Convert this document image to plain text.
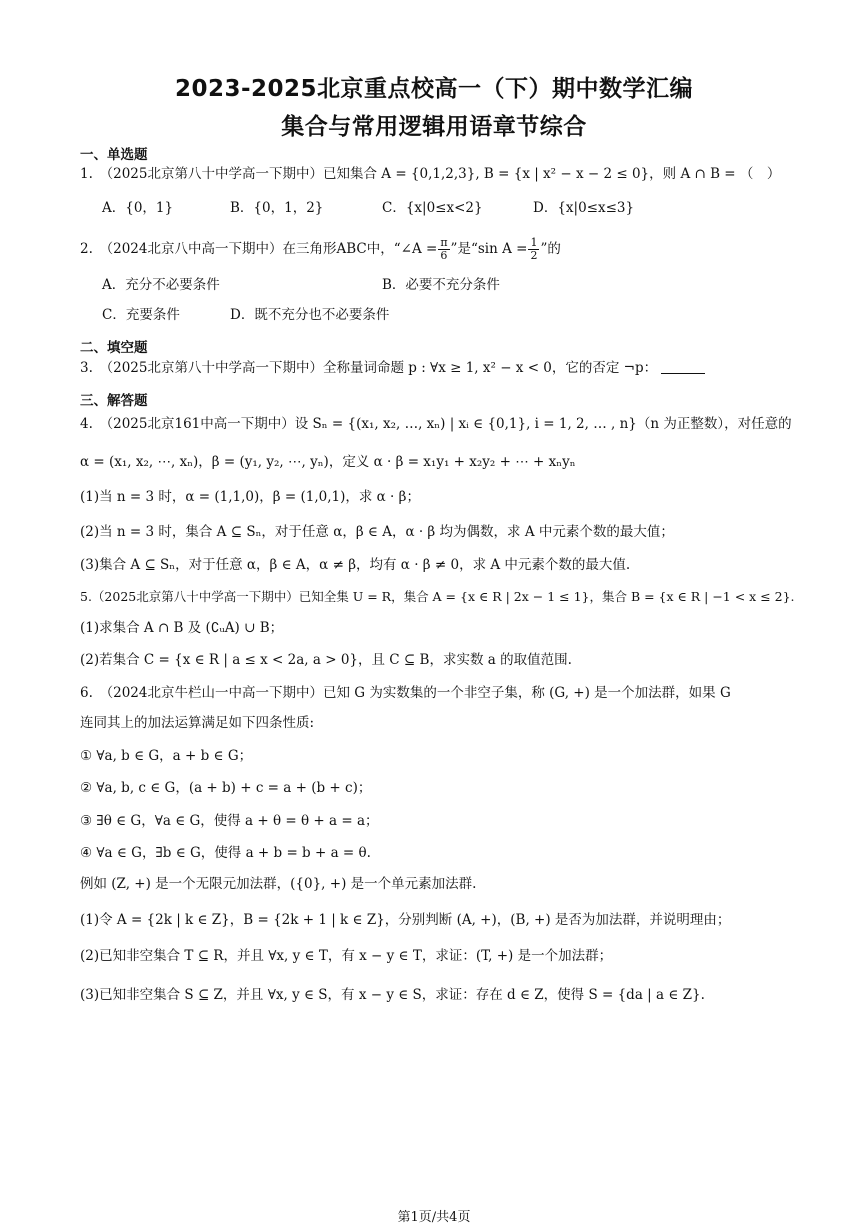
2023-2025北京重点校高一（下）期中数学汇编
集合与常用逻辑用语章节综合
一、单选题
1.　（2025北京第八十中学高一下期中）已知集合 A = {0,1,2,3}, B = {x | x² − x − 2 ≤ 0}，则 A ∩ B = （　）
A．{0，1}	B．{0，1，2}	C．{x|0≤x<2}	D．{x|0≤x≤3}
2.　（2024北京八中高一下期中）在三角形ABC中，“∠A = $\frac{\pi}{6}$ ”是“sin $A = \frac{1}{2}$ ”的
A．充分不必要条件	B．必要不充分条件
C．充要条件	D．既不充分也不必要条件
二、填空题
3.　（2025北京第八十中学高一下期中）全称量词命题 p : ∀x ≥ 1, x² − x < 0，它的否定 ¬p：
三、解答题
4.　（2025北京161中高一下期中）设 Sₙ = {(x₁, x₂, …, xₙ) | xᵢ ∈ {0,1}, i = 1, 2, … , n}（n 为正整数），对任意的
α = (x₁, x₂, ⋯, xₙ)，β = (y₁, y₂, ⋯, yₙ)，定义 α · β = x₁y₁ + x₂y₂ + ⋯ + xₙyₙ
(1)当 n = 3 时，α = (1,1,0)，β = (1,0,1)，求 α · β；
(2)当 n = 3 时，集合 A ⊆ Sₙ，对于任意 α，β ∈ A，α · β 均为偶数，求 A 中元素个数的最大值；
(3)集合 A ⊆ Sₙ，对于任意 α，β ∈ A，α ≠ β，均有 α · β ≠ 0，求 A 中元素个数的最大值.
5.（2025北京第八十中学高一下期中）已知全集 U = R，集合 A = {x ∈ R | 2x − 1 ≤ 1}，集合 B = {x ∈ R | −1 < x ≤ 2}.
(1)求集合 A ∩ B 及 (∁ᵤA) ∪ B；
(2)若集合 C = {x ∈ R | a ≤ x < 2a, a > 0}，且 C ⊆ B，求实数 a 的取值范围.
6.　（2024北京牛栏山一中高一下期中）已知 G 为实数集的一个非空子集，称 (G, +) 是一个加法群，如果 G
连同其上的加法运算满足如下四条性质:
① ∀a, b ∈ G，a + b ∈ G；
② ∀a, b, c ∈ G，(a + b) + c = a + (b + c)；
③ ∃θ ∈ G，∀a ∈ G，使得 a + θ = θ + a = a；
④ ∀a ∈ G，∃b ∈ G，使得 a + b = b + a = θ.
例如 (Z, +) 是一个无限元加法群，({0}, +) 是一个单元素加法群.
(1)令 A = {2k | k ∈ Z}，B = {2k + 1 | k ∈ Z}，分别判断 (A, +)，(B, +) 是否为加法群，并说明理由；
(2)已知非空集合 T ⊆ R，并且 ∀x, y ∈ T，有 x − y ∈ T，求证：(T, +) 是一个加法群；
(3)已知非空集合 S ⊆ Z，并且 ∀x, y ∈ S，有 x − y ∈ S，求证：存在 d ∈ Z，使得 S = {da | a ∈ Z}.
第1页/共4页
